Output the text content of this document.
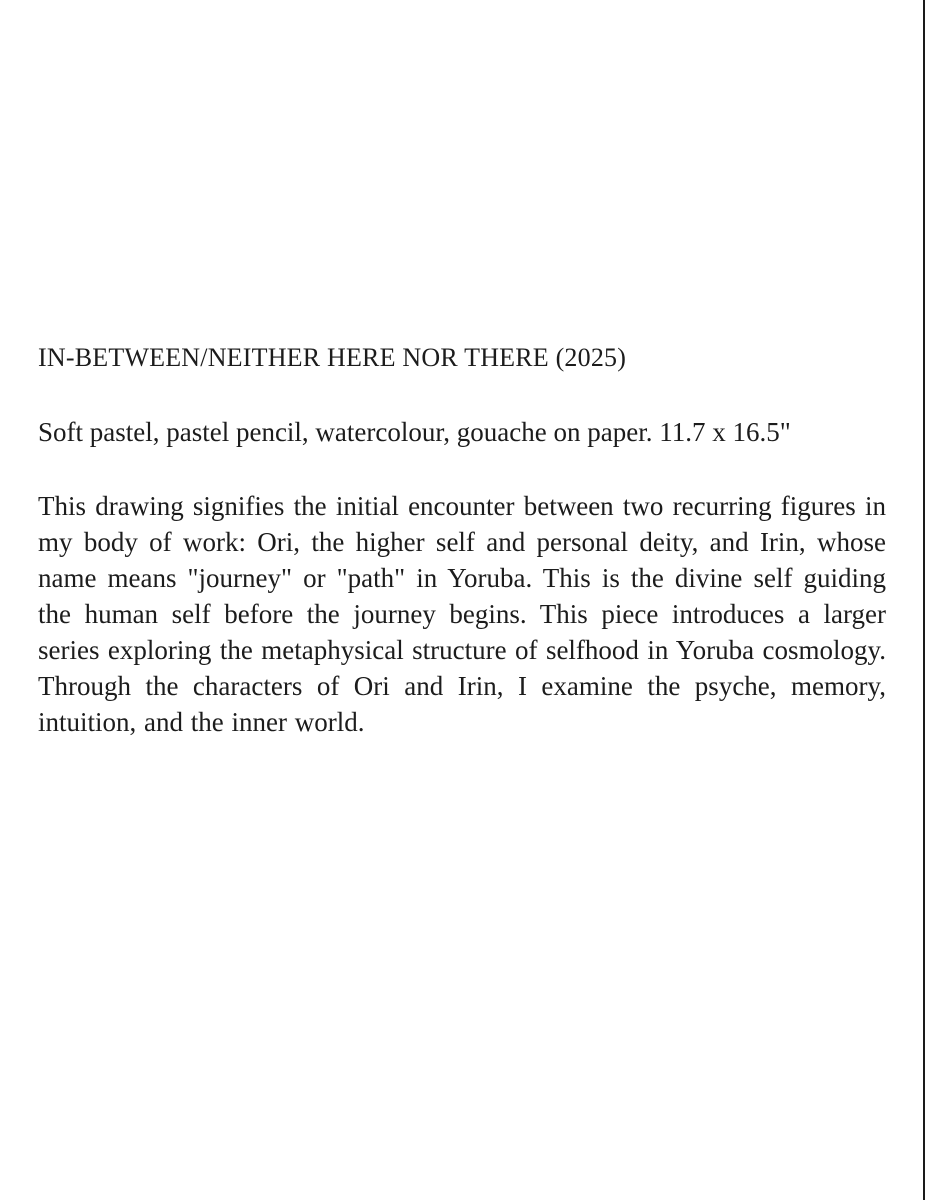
IN-BETWEEN/NEITHER HERE NOR THERE (2025)

Soft pastel, pastel pencil, watercolour, gouache on paper. 11.7 x 16.5"

This drawing signifies the initial encounter between two recurring figures in my body of work: Ori, the higher self and personal deity, and Irin, whose name means "journey" or "path" in Yoruba. This is the divine self guiding the human self before the journey begins. This piece introduces a larger series exploring the metaphysical structure of selfhood in Yoruba cosmology. Through the characters of Ori and Irin, I examine the psyche, memory, intuition, and the inner world.
